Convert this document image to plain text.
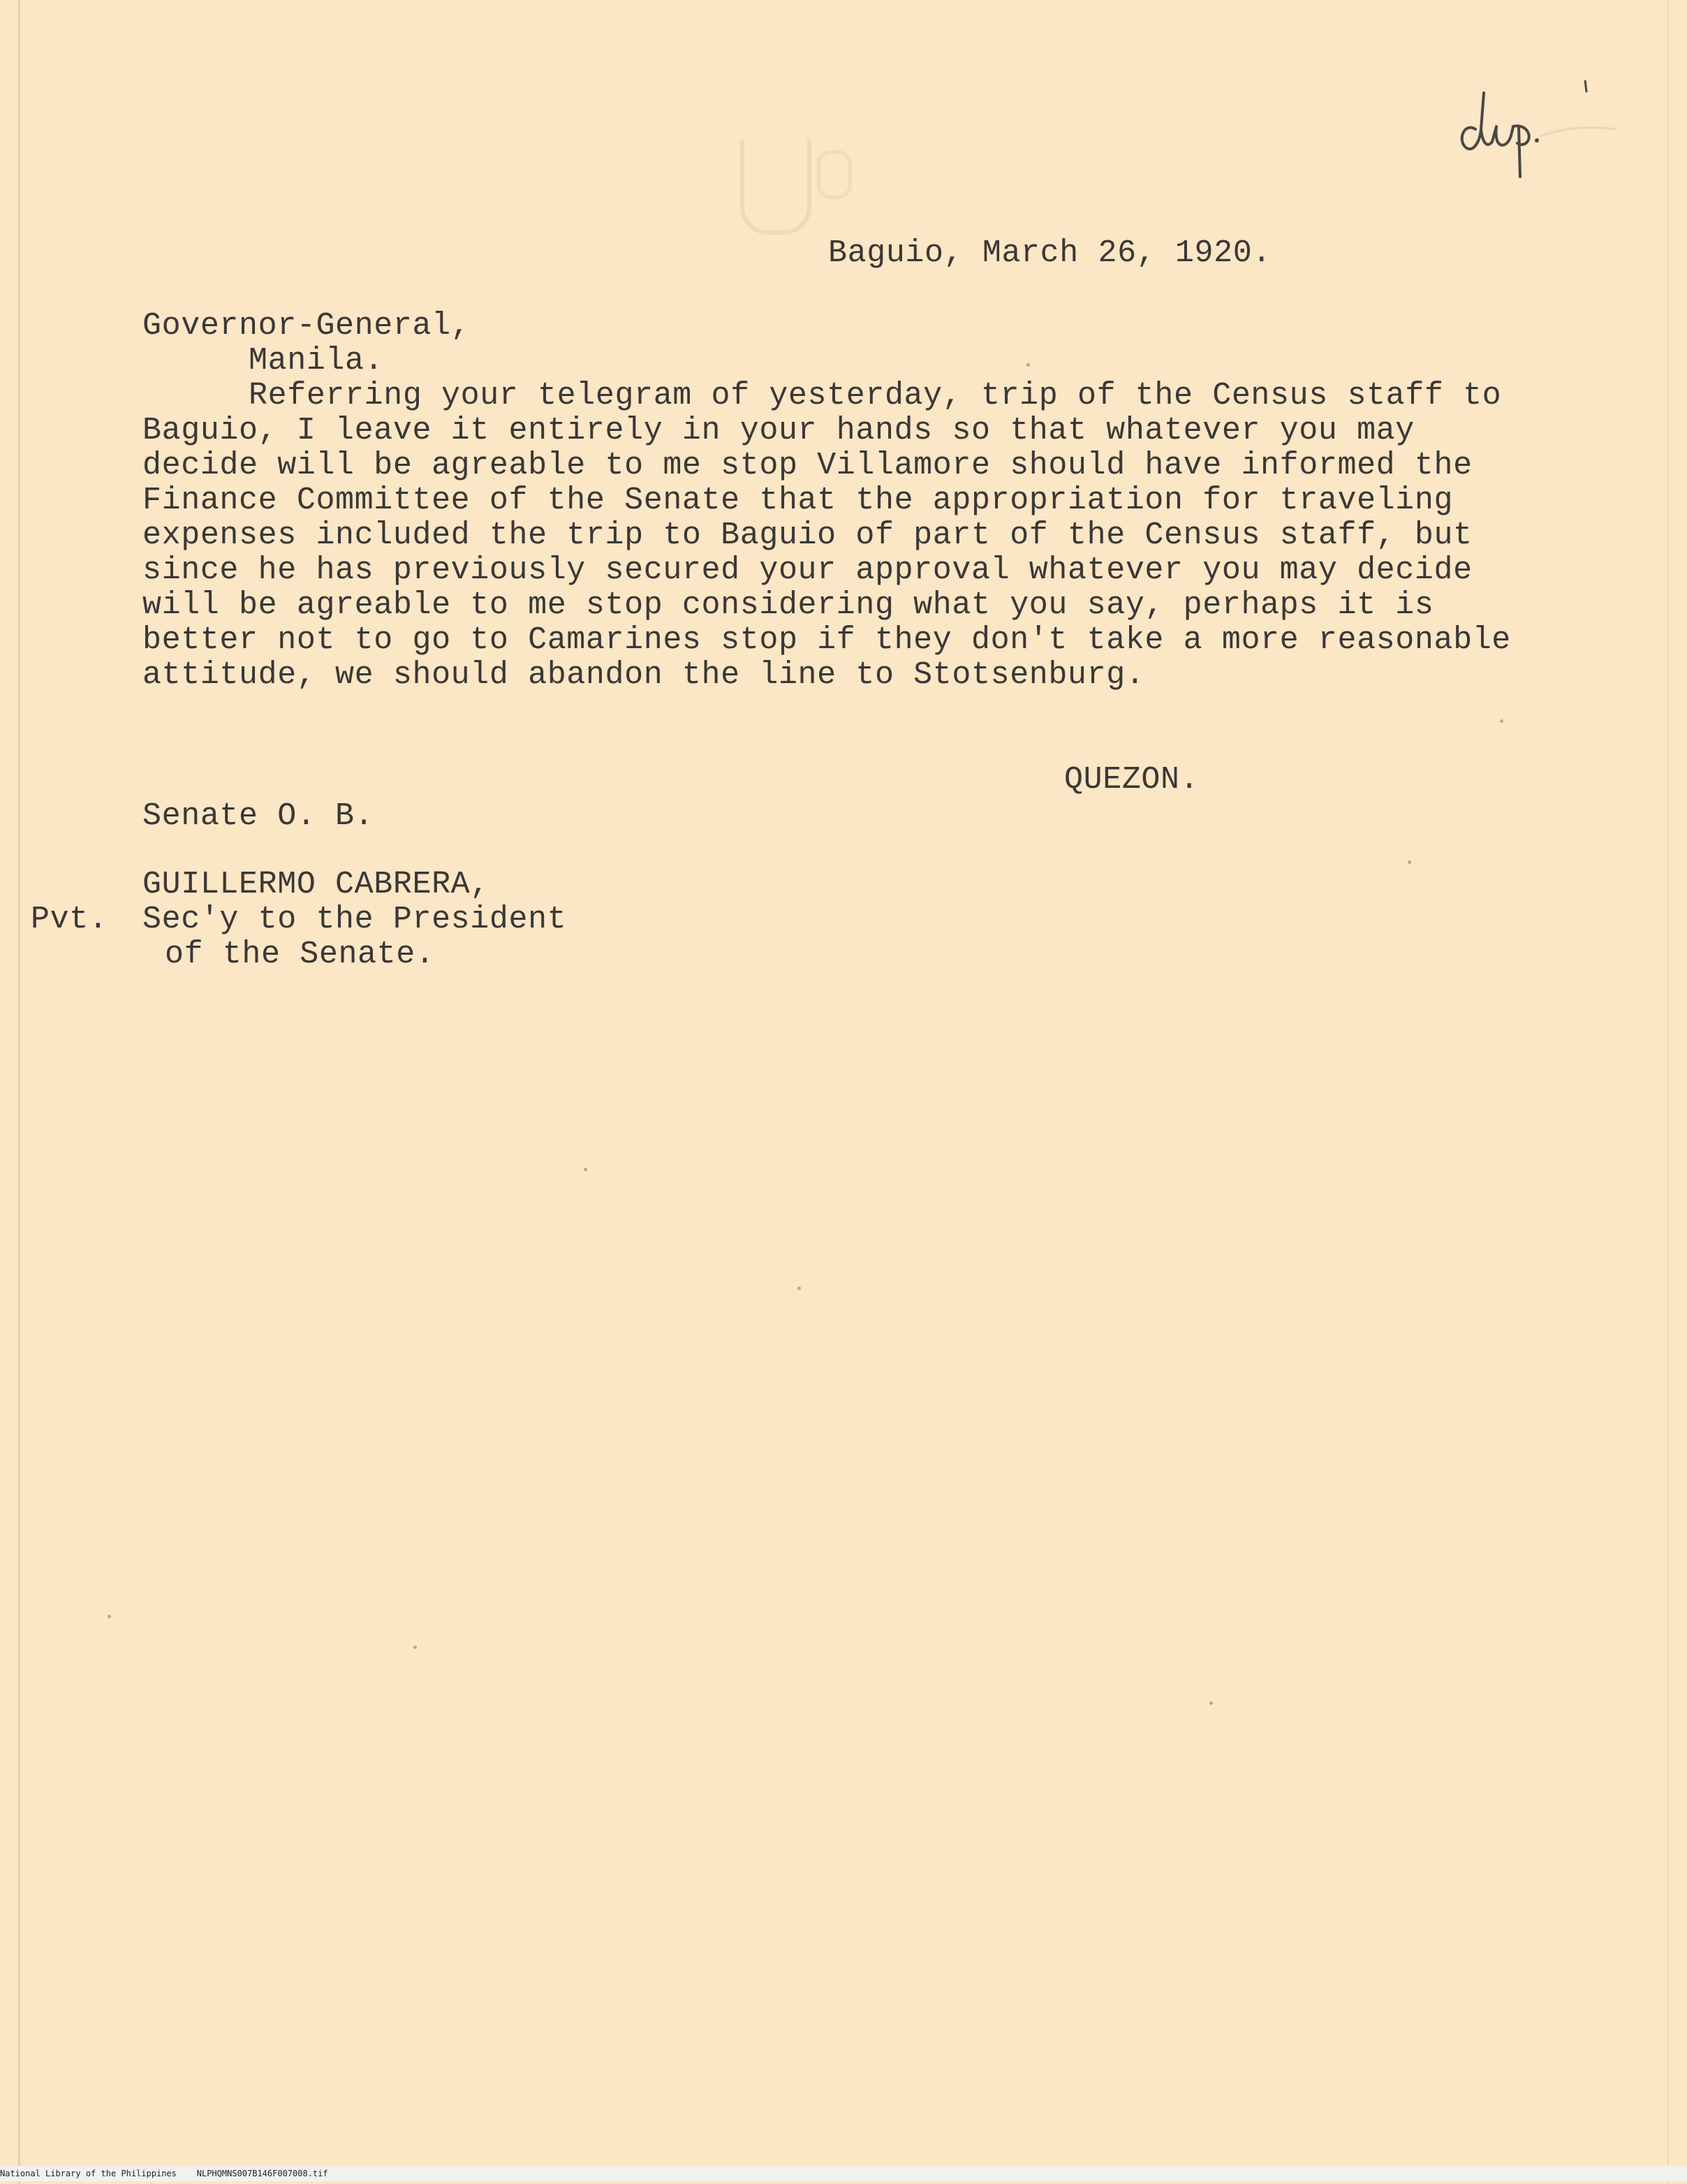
Baguio, March 26, 1920.
Governor-General,
Manila.
Referring your telegram of yesterday, trip of the Census staff to
Baguio, I leave it entirely in your hands so that whatever you may
decide will be agreable to me stop Villamore should have informed the
Finance Committee of the Senate that the appropriation for traveling
expenses included the trip to Baguio of part of the Census staff, but
since he has previously secured your approval whatever you may decide
will be agreable to me stop considering what you say, perhaps it is
better not to go to Camarines stop if they don't take a more reasonable
attitude, we should abandon the line to Stotsenburg.
QUEZON.
Senate O. B.
GUILLERMO CABRERA,
Pvt. Sec'y to the President
of the Senate.
National Library of the Philippines    NLPHQMNS007B146F007008.tif
